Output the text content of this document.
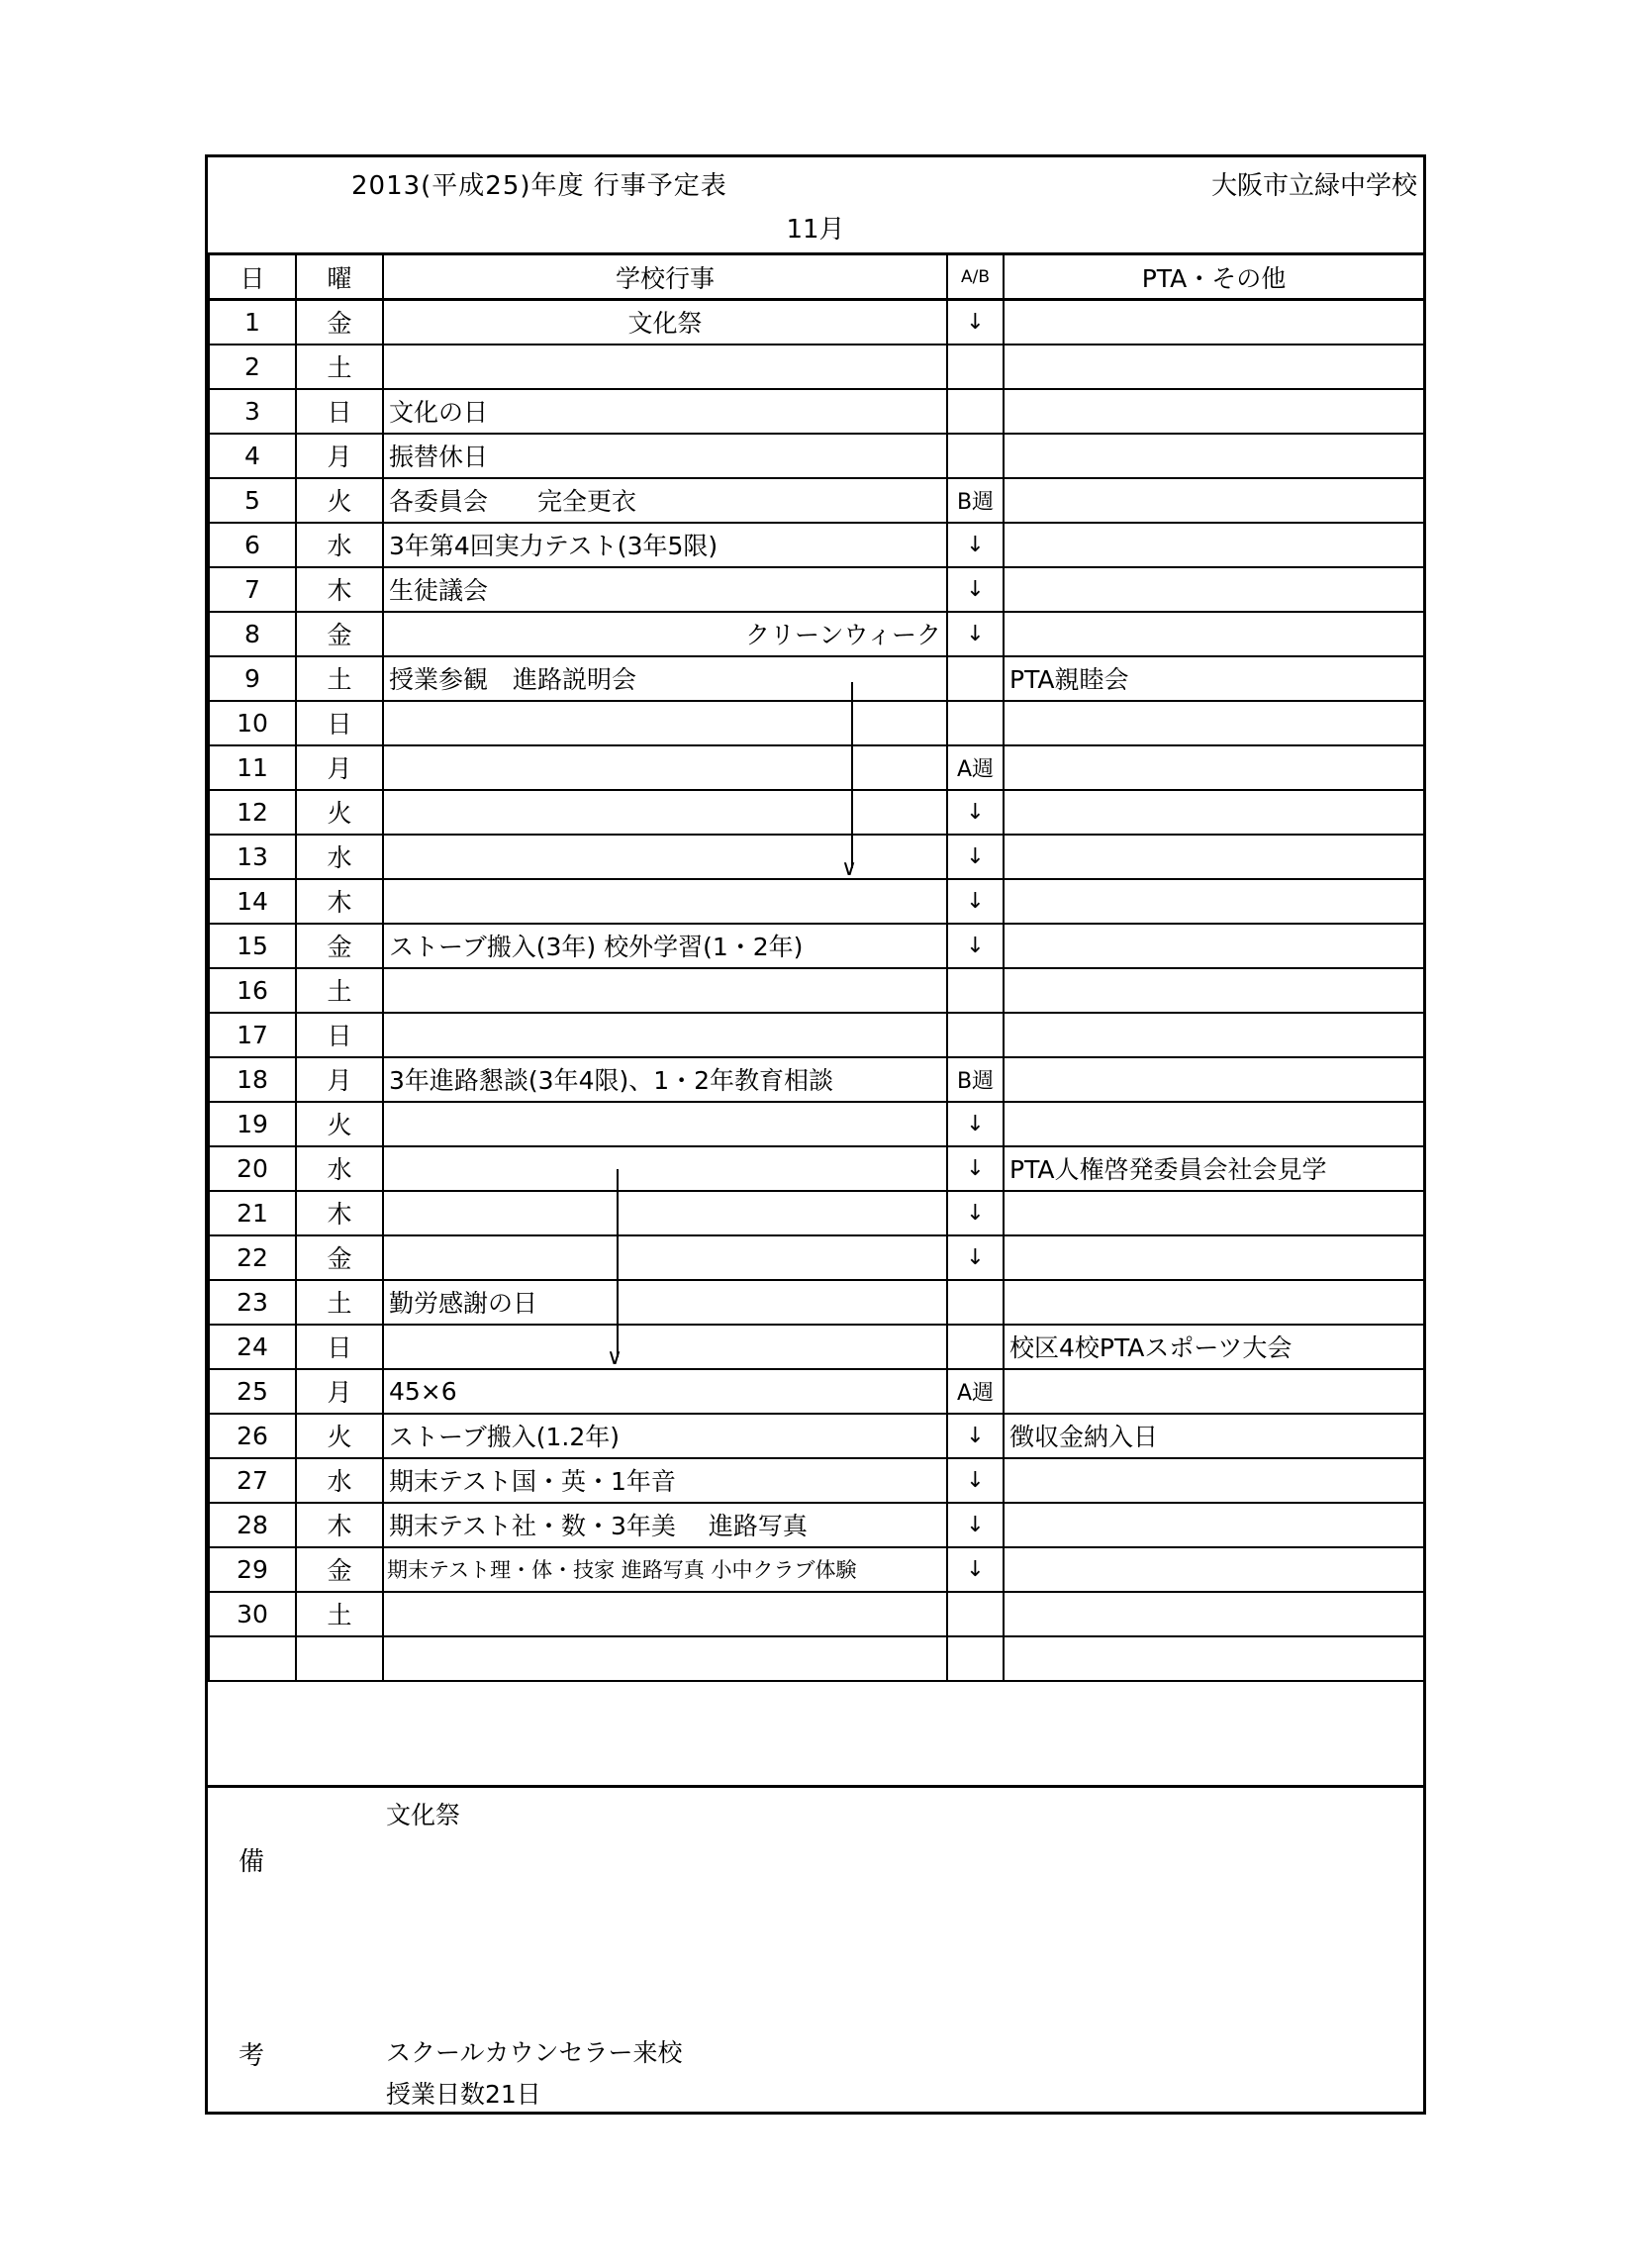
2013(平成25)年度 行事予定表	大阪市立緑中学校
11月
日	曜	学校行事	A/B	PTA・その他
1	金	文化祭	↓	
2	土			
3	日	文化の日		
4	月	振替休日		
5	火	各委員会　　完全更衣	B週	
6	水	3年第4回実力テスト(3年5限)	↓	
7	木	生徒議会	↓	
8	金	クリーンウィーク	↓	
9	土	授業参観　進路説明会		PTA親睦会
10	日			
11	月		A週	
12	火		↓	
13	水		↓	
14	木		↓	
15	金	ストーブ搬入(3年) 校外学習(1・2年)	↓	
16	土			
17	日			
18	月	3年進路懇談(3年4限)、1・2年教育相談	B週	
19	火		↓	
20	水		↓	PTA人権啓発委員会社会見学
21	木		↓	
22	金		↓	
23	土	勤労感謝の日		
24	日			校区4校PTAスポーツ大会
25	月	45×6	A週	
26	火	ストーブ搬入(1.2年)	↓	徴収金納入日
27	水	期末テスト国・英・1年音	↓	
28	木	期末テスト社・数・3年美　 進路写真	↓	
29	金	期末テスト理・体・技家 進路写真 小中クラブ体験	↓	
30	土			

∨
∨
備
考
文化祭
スクールカウンセラー来校
授業日数21日
